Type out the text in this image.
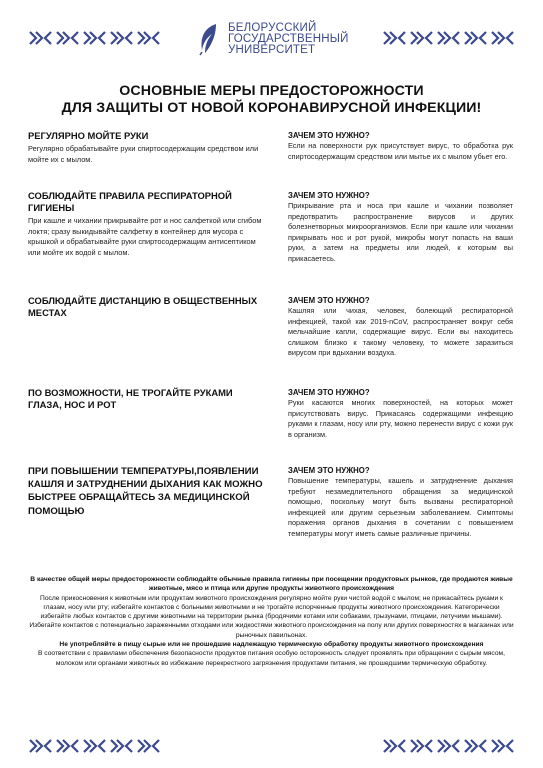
БЕЛОРУССКИЙ
ГОСУДАРСТВЕННЫЙ
УНИВЕРСИТЕТ
ОСНОВНЫЕ МЕРЫ ПРЕДОСТОРОЖНОСТИ
ДЛЯ ЗАЩИТЫ ОТ НОВОЙ КОРОНАВИРУСНОЙ ИНФЕКЦИИ!
РЕГУЛЯРНО МОЙТЕ РУКИ
Регулярно обрабатывайте руки спиртосодержащим средством или мойте их с мылом.
ЗАЧЕМ ЭТО НУЖНО?
Если на поверхности рук присутствует вирус, то обработка рук спиртосодержащим средством или мытье их с мылом убьет его.
СОБЛЮДАЙТЕ ПРАВИЛА РЕСПИРАТОРНОЙ ГИГИЕНЫ
При кашле и чихании прикрывайте рот и нос салфеткой или сгибом локтя; сразу выкидывайте салфетку в контейнер для мусора с крышкой и обрабатывайте руки спиртосодержащим антисептиком или мойте их водой с мылом.
ЗАЧЕМ ЭТО НУЖНО?
Прикрывание рта и носа при кашле и чихании позволяет предотвратить распространение вирусов и других болезнетворных микроорганизмов. Если при кашле или чихании прикрывать нос и рот рукой, микробы могут попасть на ваши руки, а затем на предметы или людей, к которым вы прикасаетесь.
СОБЛЮДАЙТЕ ДИСТАНЦИЮ В ОБЩЕСТВЕННЫХ МЕСТАХ
ЗАЧЕМ ЭТО НУЖНО?
Кашляя или чихая, человек, болеющий респираторной инфекцией, такой как 2019-nCoV, распространяет вокруг себя мельчайшие капли, содержащие вирус. Если вы находитесь слишком близко к такому человеку, то можете заразиться вирусом при вдыхании воздуха.
ПО ВОЗМОЖНОСТИ, НЕ ТРОГАЙТЕ РУКАМИ ГЛАЗА, НОС И РОТ
ЗАЧЕМ ЭТО НУЖНО?
Руки касаются многих поверхностей, на которых может присутствовать вирус. Прикасаясь содержащими инфекцию руками к глазам, носу или рту, можно перенести вирус с кожи рук в организм.
ПРИ ПОВЫШЕНИИ ТЕМПЕРАТУРЫ,ПОЯВЛЕНИИ КАШЛЯ И ЗАТРУДНЕНИИ ДЫХАНИЯ КАК МОЖНО БЫСТРЕЕ ОБРАЩАЙТЕСЬ ЗА МЕДИЦИНСКОЙ ПОМОЩЬЮ
ЗАЧЕМ ЭТО НУЖНО?
Повышение температуры, кашель и затрудненние дыхания требуют незамедлительного обращения за медицинской помощью, поскольку могут быть вызваны респираторной инфекцией или другим серьезным заболеванием. Симптомы поражения органов дыхания в сочетании с повышением температуры могут иметь самые различные причины.

В качестве общей меры предосторожности соблюдайте обычные правила гигиены при посещении продуктовых рынков, где продаются живые животные, мясо и птица или другие продукты животного происхождения

После прикосновения к животным или продуктам животного происхождения регулярно мойте руки чистой водой с мылом; не прикасайтесь руками к глазам, носу или рту; избегайте контактов с больными животными и не трогайте испорченные продукты животного происхождения. Категорически избегайте любых контактов с другими животными на территории рынка (бродячими котами или собаками, грызунами, птицами, летучими мышами). Избегайте контактов с потенциально зараженными отходами или жидкостями животного происхождения на полу или других поверхностях в магазинах или рыночных павильонах.

Не употребляйте в пищу сырые или не прошедшие надлежащую термическую обработку продукты животного происхождения

В соответствии с правилами обеспечения безопасности продуктов питания особую осторожность следует проявлять при обращении с сырым мясом, молоком или органами животных во избежание перекрестного загрязнения продуктами питания, не прошедшими термическую обработку.
